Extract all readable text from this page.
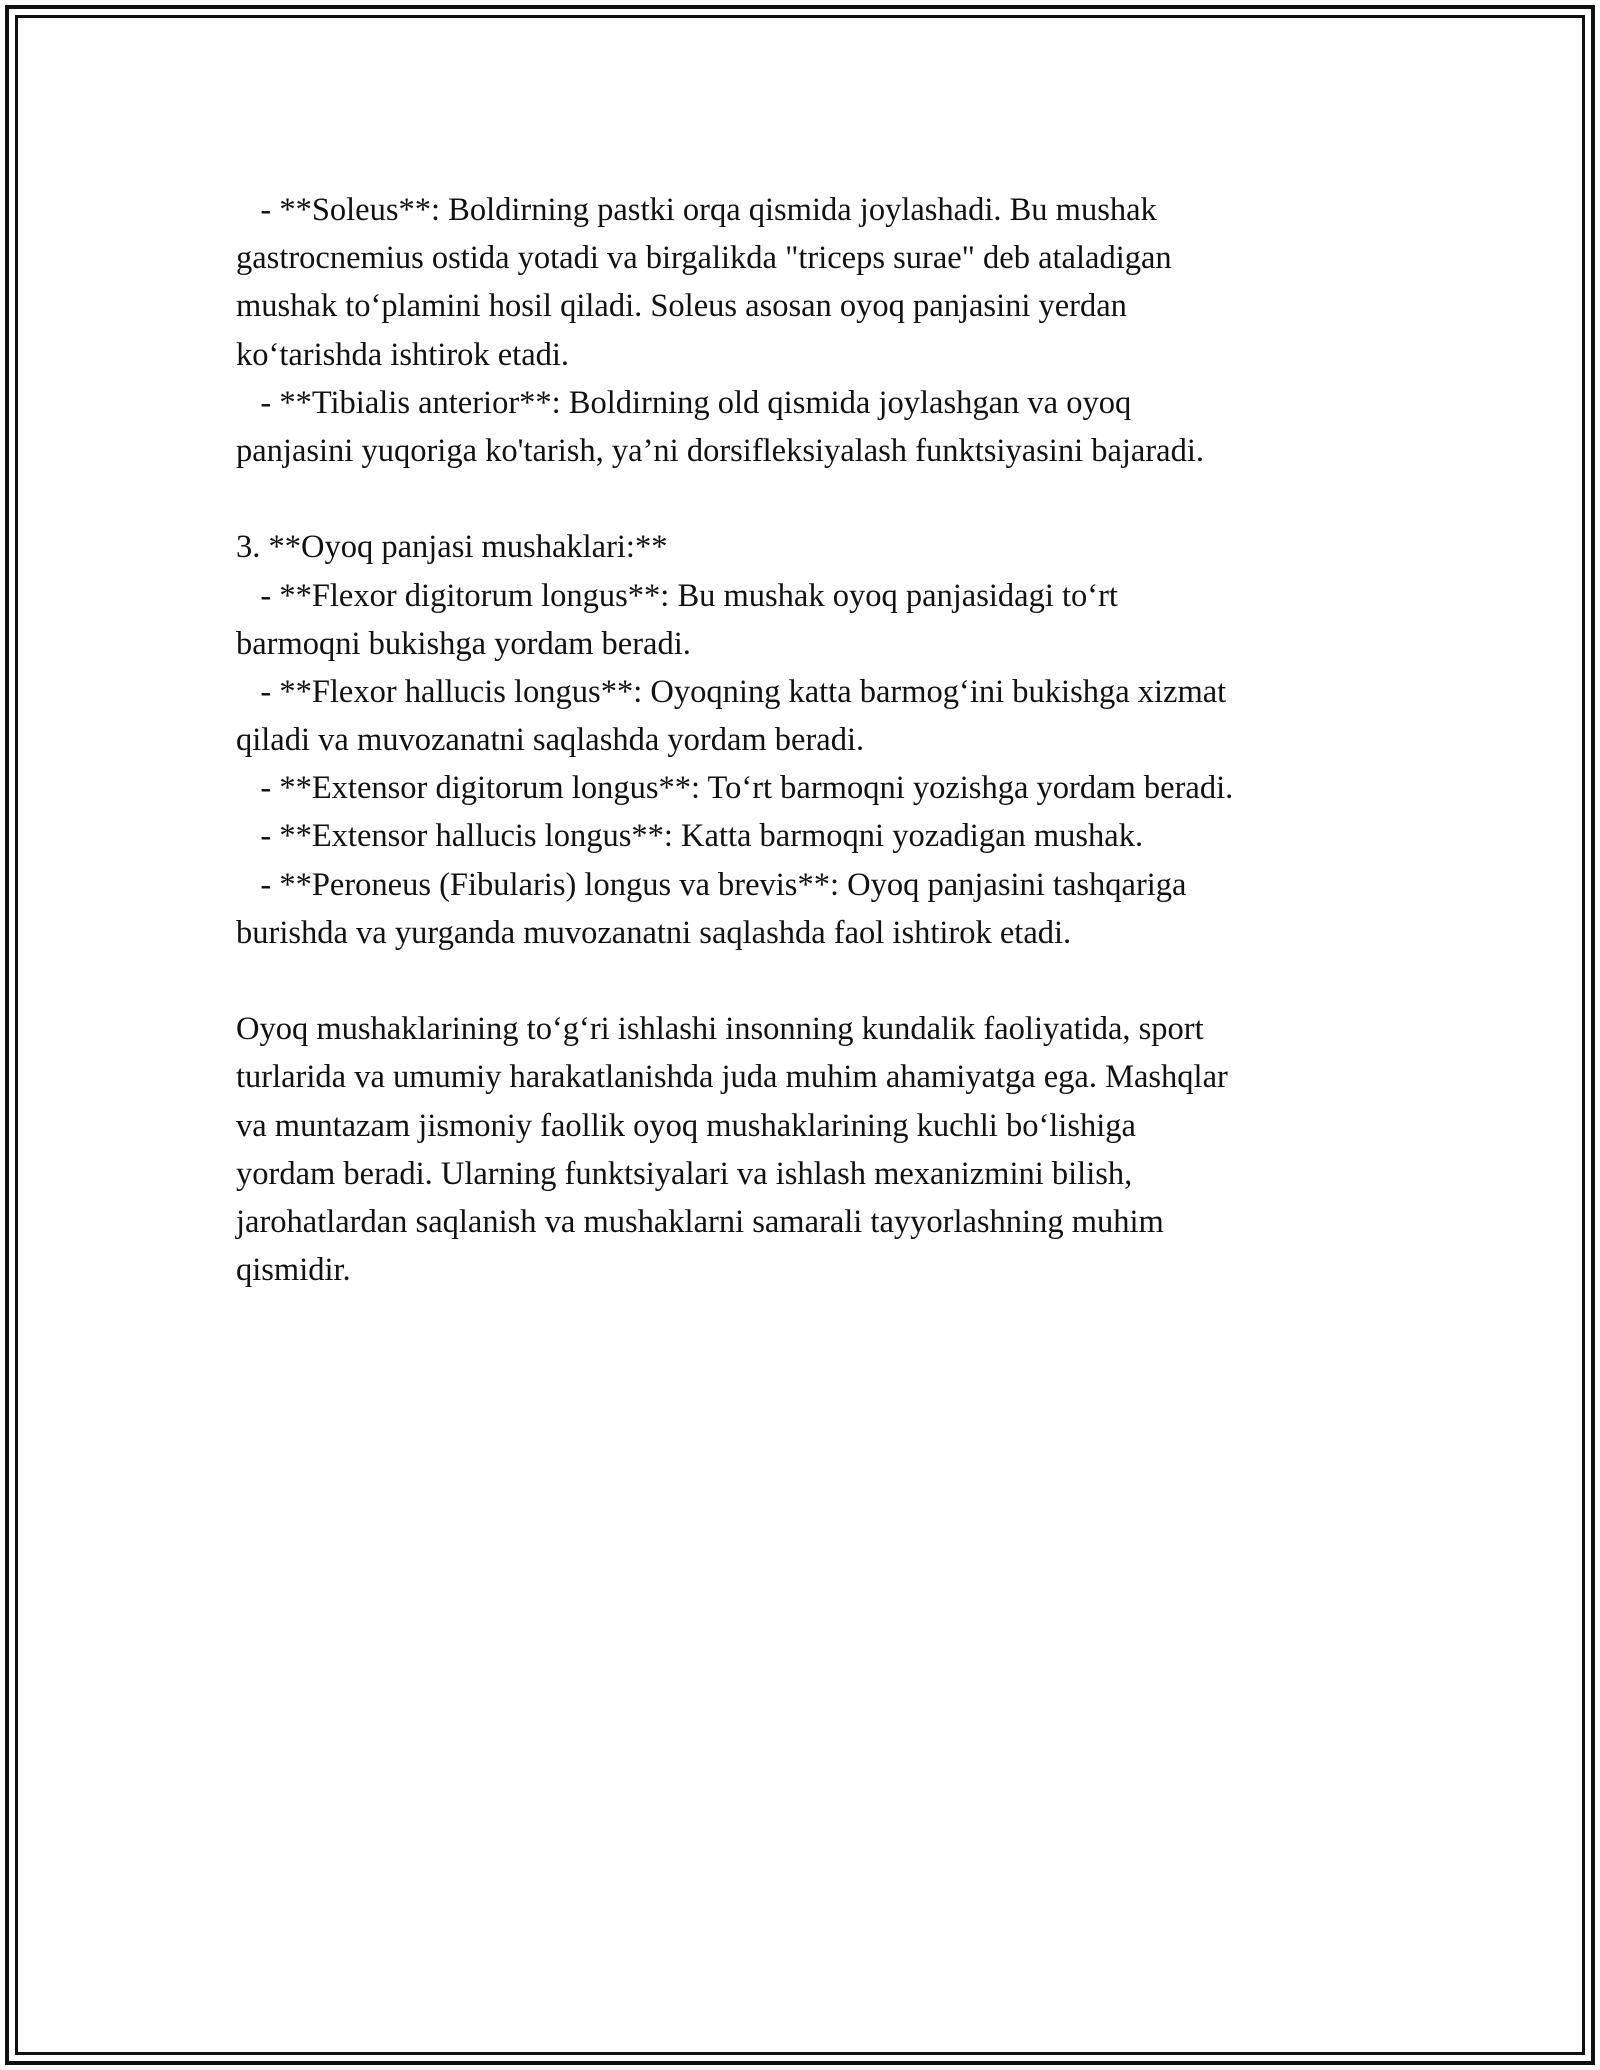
- **Soleus**: Boldirning pastki orqa qismida joylashadi. Bu mushak
gastrocnemius ostida yotadi va birgalikda "triceps surae" deb ataladigan
mushak to‘plamini hosil qiladi. Soleus asosan oyoq panjasini yerdan
ko‘tarishda ishtirok etadi.
- **Tibialis anterior**: Boldirning old qismida joylashgan va oyoq
panjasini yuqoriga ko'tarish, ya’ni dorsifleksiyalash funktsiyasini bajaradi.
3. **Oyoq panjasi mushaklari:**
- **Flexor digitorum longus**: Bu mushak oyoq panjasidagi to‘rt
barmoqni bukishga yordam beradi.
- **Flexor hallucis longus**: Oyoqning katta barmog‘ini bukishga xizmat
qiladi va muvozanatni saqlashda yordam beradi.
- **Extensor digitorum longus**: To‘rt barmoqni yozishga yordam beradi.
- **Extensor hallucis longus**: Katta barmoqni yozadigan mushak.
- **Peroneus (Fibularis) longus va brevis**: Oyoq panjasini tashqariga
burishda va yurganda muvozanatni saqlashda faol ishtirok etadi.
Oyoq mushaklarining to‘g‘ri ishlashi insonning kundalik faoliyatida, sport
turlarida va umumiy harakatlanishda juda muhim ahamiyatga ega. Mashqlar
va muntazam jismoniy faollik oyoq mushaklarining kuchli bo‘lishiga
yordam beradi. Ularning funktsiyalari va ishlash mexanizmini bilish,
jarohatlardan saqlanish va mushaklarni samarali tayyorlashning muhim
qismidir.
